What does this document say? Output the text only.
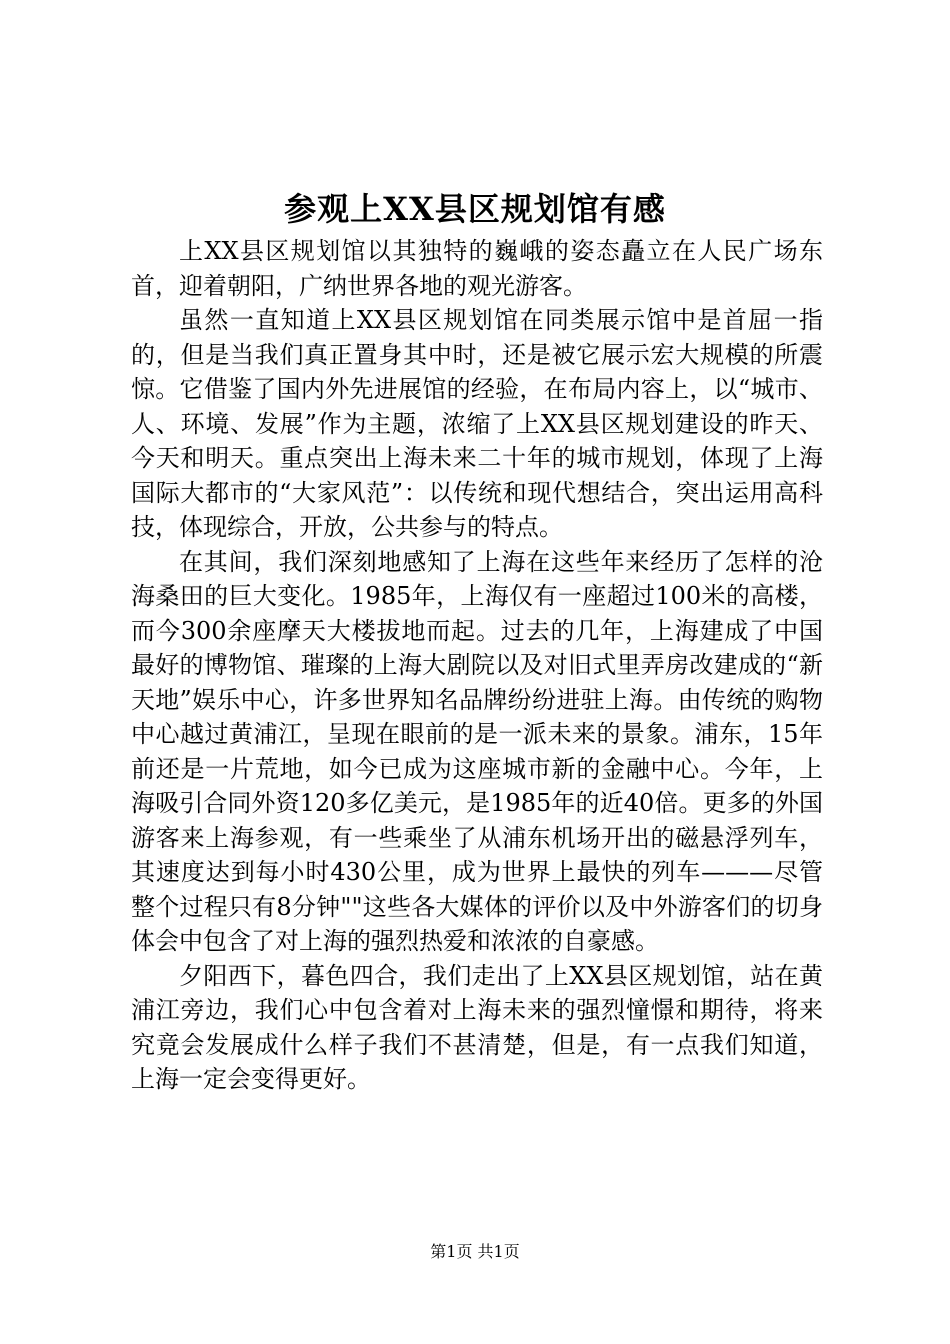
参观上XX县区规划馆有感

上XX县区规划馆以其独特的巍峨的姿态矗立在人民广场东首，迎着朝阳，广纳世界各地的观光游客。

虽然一直知道上XX县区规划馆在同类展示馆中是首屈一指的，但是当我们真正置身其中时，还是被它展示宏大规模的所震惊。它借鉴了国内外先进展馆的经验，在布局内容上，以“城市、人、环境、发展”作为主题，浓缩了上XX县区规划建设的昨天、今天和明天。重点突出上海未来二十年的城市规划，体现了上海国际大都市的“大家风范”：以传统和现代想结合，突出运用高科技，体现综合，开放，公共参与的特点。

在其间，我们深刻地感知了上海在这些年来经历了怎样的沧海桑田的巨大变化。1985年，上海仅有一座超过100米的高楼，而今300余座摩天大楼拔地而起。过去的几年，上海建成了中国最好的博物馆、璀璨的上海大剧院以及对旧式里弄房改建成的“新天地”娱乐中心，许多世界知名品牌纷纷进驻上海。由传统的购物中心越过黄浦江，呈现在眼前的是一派未来的景象。浦东，15年前还是一片荒地，如今已成为这座城市新的金融中心。今年，上海吸引合同外资120多亿美元，是1985年的近40倍。更多的外国游客来上海参观，有一些乘坐了从浦东机场开出的磁悬浮列车，其速度达到每小时430公里，成为世界上最快的列车———尽管整个过程只有8分钟""这些各大媒体的评价以及中外游客们的切身体会中包含了对上海的强烈热爱和浓浓的自豪感。

夕阳西下，暮色四合，我们走出了上XX县区规划馆，站在黄浦江旁边，我们心中包含着对上海未来的强烈憧憬和期待，将来究竟会发展成什么样子我们不甚清楚，但是，有一点我们知道，上海一定会变得更好。

第1页 共1页
